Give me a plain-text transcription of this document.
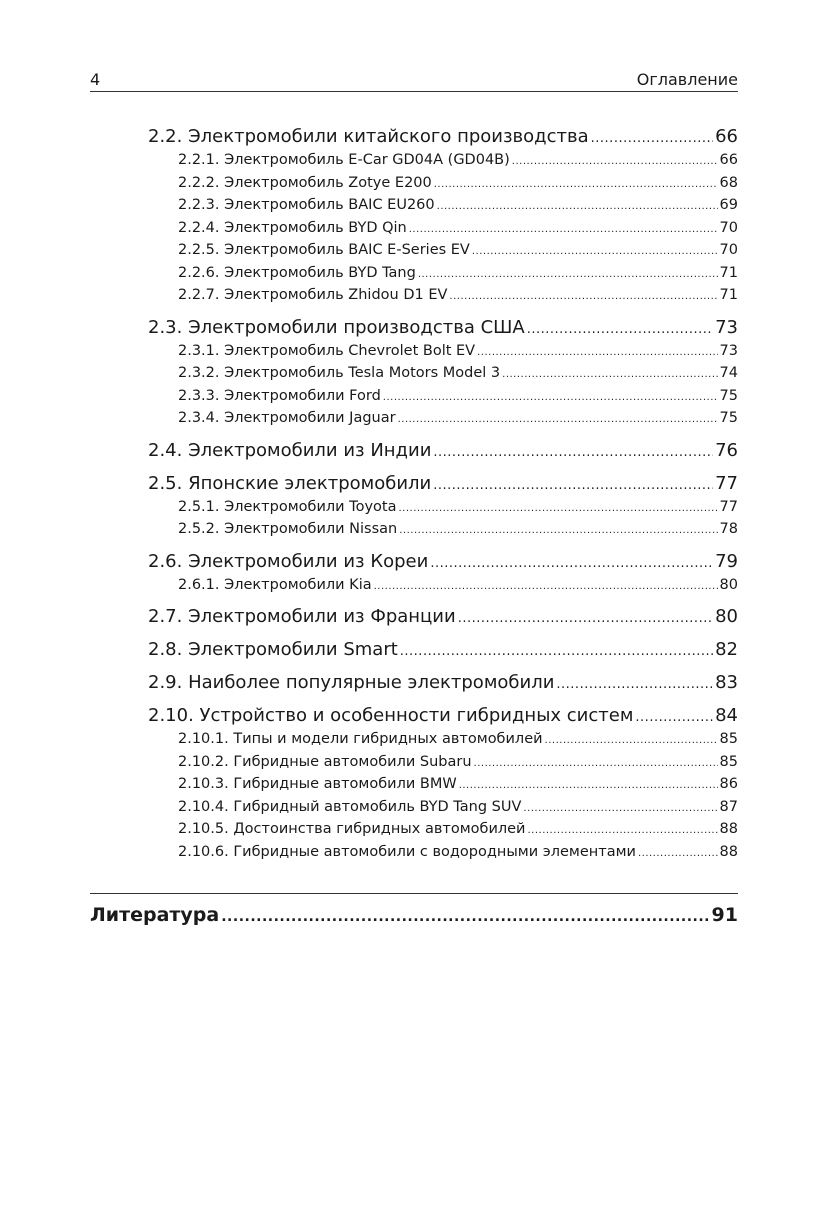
4	Оглавление
2.2. Электромобили китайского производства .....	66
2.2.1. Электромобиль E-Car GD04A (GD04B) .....	66
2.2.2. Электромобиль Zotye E200 .....	68
2.2.3. Электромобиль BAIC EU260 .....	69
2.2.4. Электромобиль BYD Qin .....	70
2.2.5. Электромобиль BAIC E-Series EV .....	70
2.2.6. Электромобиль BYD Tang .....	71
2.2.7. Электромобиль Zhidou D1 EV .....	71
2.3. Электромобили производства США .....	73
2.3.1. Электромобиль Chevrolet Bolt EV .....	73
2.3.2. Электромобиль Tesla Motors Model 3 .....	74
2.3.3. Электромобили Ford .....	75
2.3.4. Электромобили Jaguar .....	75
2.4. Электромобили из Индии .....	76
2.5. Японские электромобили .....	77
2.5.1. Электромобили Toyota .....	77
2.5.2. Электромобили Nissan .....	78
2.6. Электромобили из Кореи .....	79
2.6.1. Электромобили Kia .....	80
2.7. Электромобили из Франции .....	80
2.8. Электромобили Smart .....	82
2.9. Наиболее популярные электромобили .....	83
2.10. Устройство и особенности гибридных систем .....	84
2.10.1. Типы и модели гибридных автомобилей .....	85
2.10.2. Гибридные автомобили Subaru .....	85
2.10.3. Гибридные автомобили BMW .....	86
2.10.4. Гибридный автомобиль BYD Tang SUV .....	87
2.10.5. Достоинства гибридных автомобилей .....	88
2.10.6. Гибридные автомобили с водородными элементами .....	88
Литература .....	91
